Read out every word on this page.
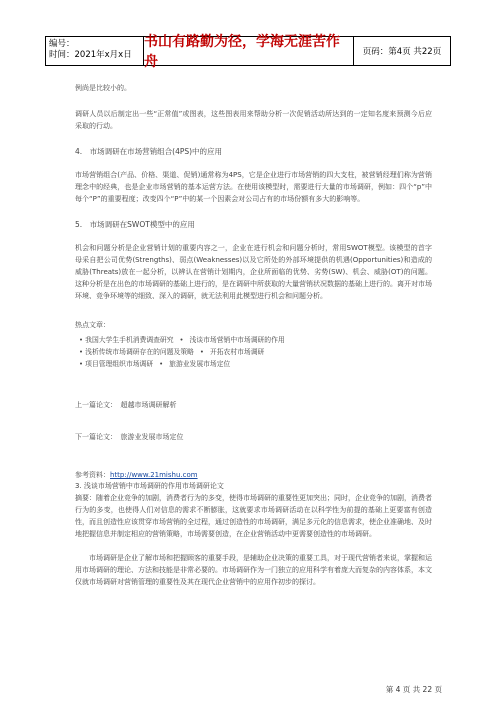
编号：
时间：2021年x月x日
书山有路勤为径，学海无涯苦作舟
页码：第4页 共22页

例尚是比较小的。

调研人员以后制定出一些“正常值”或图表，这些图表用来帮助分析一次促销活动所达到的一定知名度来预测今后应采取的行动。

4.　市场调研在市场营销组合(4PS)中的应用

市场营销组合(产品、价格、渠道、促销)通常称为4PS，它是企业进行市场营销的四大支柱，被营销经理们称为营销理念中的经典，也是企业市场营销的基本运营方法。在使用该模型时，需要进行大量的市场调研，例如：四个“p”中每个“P”的重要程度；改变四个“P”中的某一个因素会对公司占有的市场份额有多大的影响等。

5.　市场调研在SWOT模型中的应用

机会和问题分析是企业营销计划的重要内容之一，企业在进行机会和问题分析时，常用SWOT模型。该模型的首字母采自把公司优势(Strengths)、弱点(Weaknesses)以及它所处的外部环境提供的机遇(Opportunities)和造成的威胁(Threats)放在一起分析，以辨认在营销计划期内，企业所面临的优势、劣势(SW)、机会、威胁(OT)的问题。这种分析是在出色的市场调研的基础上进行的，是在调研中所获取的大量营销状况数据的基础上进行的。离开对市场环境、竞争环境等的细致、深入的调研，就无法利用此模型进行机会和问题分析。

热点文章：

• 我国大学生手机消费调查研究 • 浅谈市场营销中市场调研的作用
• 浅析传统市场调研存在的问题及策略 • 开拓农村市场调研
• 项目管理组织市场调研 • 旅游业发展市场定位

上一篇论文：　超越市场调研解析

下一篇论文：　旅游业发展市场定位

参考资料：http://www.21mishu.com

3. 浅谈市场营销中市场调研的作用市场调研论文

摘要：随着企业竞争的加剧，消费者行为的多变，使得市场调研的重要性更加突出；同时，企业竞争的加剧，消费者行为的多变，也使得人们对信息的需求不断膨胀，这就要求市场调研活动在以科学性为前提的基础上更要富有创造性，而且创造性应该贯穿市场营销的全过程，通过创造性的市场调研，满足多元化的信息需求，使企业准确地、及时地把握信息并制定相应的营销策略，市场需要创造，在企业营销活动中更需要创造性的市场调研。

市场调研是企业了解市场和把握顾客的重要手段，是辅助企业决策的重要工具，对于现代营销者来说，掌握和运用市场调研的理论、方法和技能是非常必要的。市场调研作为一门独立的应用科学有着庞大而复杂的内容体系，本文仅就市场调研对营销管理的重要性及其在现代企业营销中的应用作初步的探讨。

第 4 页 共 22 页
